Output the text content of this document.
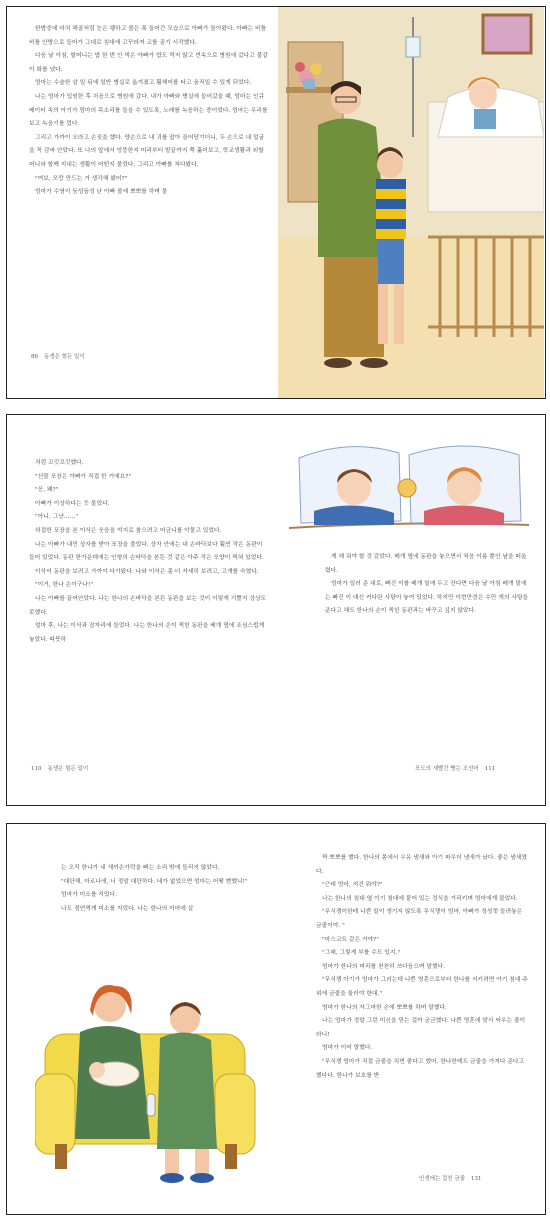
한밤중에 마치 해골처럼 눈은 쾡하고 볼은 푹 들어간 모습으로 아빠가 돌아왔다. 아빠는 비틀비틀 안방으로 들어가 그대로 침대에 고꾸라져 코를 골기 시작했다.

다음 날 아침, 할머니는 밥 한 번 안 먹은 아빠가 밥도 먹지 않고 빈속으로 병원에 갔다고 불같이 화를 냈다.

엄마는 수술한 삼 일 뒤에 일반 병실로 옮겨졌고 휠체어를 타고 움직일 수 있게 되었다.

나는 엄마가 입원한 후 처음으로 병원에 갔다. 내가 아빠와 병실에 들어갔을 때, 엄마는 인큐베이터 속의 아기가 엄마의 목소리를 들을 수 있도록, 노래를 녹음하는 중이었다. 엄마는 우리를 보고 녹음기를 껐다.

그리고 가까이 오라고 손짓을 했다. 양손으로 내 귀를 잡아 끌어당기더니, 두 손으로 내 얼굴을 꼭 감싸 안았다. 또 나의 앞에서 엉뚱한지 머리부터 발끝까지 쭉 훑어보고, 학교생활과 외할머니와 함께 지내는 생활이 어떤지 물었다. 그리고 아빠를 쳐다봤다.

"여보, 모랑 만드는 거 생각해 봤어?"

엄마가 수염이 듬성듬성 난 아빠 볼에 뽀뽀를 하며 물

86 동생은 힘든 일이

처럼 꼬깃꼬깃했다.

"선물 포장은 아빠가 직접 한 거예요?"

"응, 왜?"

아빠가 이상하다는 듯 물었다.

"아니, 그냥……"

허접한 포장을 본 이삭은 웃음을 억지로 참으려고 어금니를 악물고 있었다.

나는 아빠가 내민 상자를 받아 포장을 풀었다. 상자 안에는 내 손바닥보다 훨씬 작은 동판이 들어 있었다. 동판 한가운데에는 인형의 손바닥을 본뜬 것 같은 아주 작은 모양이 찍혀 있었다.

이삭이 동판을 보려고 가까이 다가왔다. 나와 이삭은 좀 더 자세히 보려고, 고개를 숙였다.

"이거, 한나 손이구나!"

나는 아빠를 끌어안았다. 나는 한나의 손바닥을 본뜬 동판을 보는 것이 이렇게 기쁠지 상상도 못했다.

얼마 후, 나는 이삭과 잠자리에 들었다. 나는 한나의 손이 찍힌 동판을 베개 옆에 조심스럽게 놓았다. 따뜻하

110 동생은 힘든 일이

게 해 줘야 할 것 같았다. 베개 옆에 동판을 놓으면서 처음 이름 뿐인 날을 떠올렸다.

엄마가 일러 준 대로, 빠진 이를 베개 밑에 두고 잔다면 다음 날 아침 베개 밑에는 빠진 이 대신 커다란 사탕이 놓여 있었다. 하지만 이번만큼은 수만 개의 사탕을 준다고 해도 한나의 손이 찍힌 동판과는 바꾸고 싶지 않았다.

포도의 새빨간 빵는 조선어 111

는 오직 한나가 내 새끼손가락을 빠는 소리 밖에 들리지 않았다.

"대단해, 마르나에, 너 정말 대단하다. 네가 없었으면 엄마는 어떻 뻔했니!"

엄마가 미소를 지었다.

나도 겸연쩍게 미소를 지었다. 나는 한나의 이마에 살

짝 뽀뽀를 했다. 한나의 몸에서 우유 냄새와 아기 파우더 냄새가 났다. 좋은 냄새였다.

"근데 엄마, 저건 뭐야?"

나는 한나의 침대 옆 이기 침대에 붙어 있는 정식을 가리키며 엄마에게 물었다.

"무식쟁이한테 나쁜 일이 생기지 않도록 무식쟁이 엄마, 아빠가 정성껏 들려놓은 금줄이야. "

"마스코트 같은 거야?"

"그래, 그렇게 부를 수도 있지."

엄마가 한나의 머리를 천천히 쓰다듬으며 말했다.

"무식쟁 아기가 엄마가 그러는데 나쁜 영혼으로부터 한나를 지키려면 아기 침대 주위에 금줄을 둘러야 한대."

엄마가 한나의 자그마한 손에 뽀뽀를 하며 말했다.

나는 엄마가 정말 그런 미신을 믿는 걸까 궁금했다. 나쁜 영혼에 맞서 싸우는 줄이라니!

엄마가 이어 말했다.

"무식쟁 엄마가 직접 금줄을 치면 좋다고 했어. 한나한테도 금줄을 가져다 준다고 했다다. 한나가 보호를 받

인생에는 걸친 금줄 131
